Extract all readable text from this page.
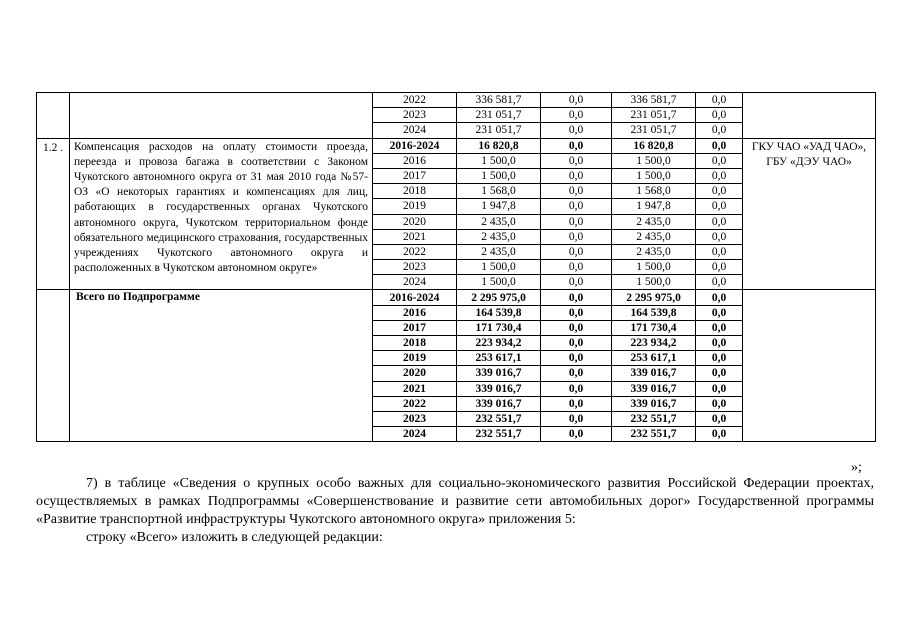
		2022	336 581,7	0,0	336 581,7	0,0	
		2023	231 051,7	0,0	231 051,7	0,0	
		2024	231 051,7	0,0	231 051,7	0,0	
1.2 .	Компенсация расходов на оплату стоимости проезда, переезда и провоза багажа в соответствии с Законом Чукотского автономного округа от 31 мая 2010 года №57-ОЗ «О некоторых гарантиях и компенсациях для лиц, работающих в государственных органах Чукотского автономного округа, Чукотском территориальном фонде обязательного медицинского страхования, государственных учреждениях Чукотского автономного округа и расположенных в Чукотском автономном округе»	2016-2024	16 820,8	0,0	16 820,8	0,0	ГКУ ЧАО «УАД ЧАО», ГБУ «ДЭУ ЧАО»
		2016	1 500,0	0,0	1 500,0	0,0	
		2017	1 500,0	0,0	1 500,0	0,0	
		2018	1 568,0	0,0	1 568,0	0,0	
		2019	1 947,8	0,0	1 947,8	0,0	
		2020	2 435,0	0,0	2 435,0	0,0	
		2021	2 435,0	0,0	2 435,0	0,0	
		2022	2 435,0	0,0	2 435,0	0,0	
		2023	1 500,0	0,0	1 500,0	0,0	
		2024	1 500,0	0,0	1 500,0	0,0	
	Всего по Подпрограмме	2016-2024	2 295 975,0	0,0	2 295 975,0	0,0	
		2016	164 539,8	0,0	164 539,8	0,0	
		2017	171 730,4	0,0	171 730,4	0,0	
		2018	223 934,2	0,0	223 934,2	0,0	
		2019	253 617,1	0,0	253 617,1	0,0	
		2020	339 016,7	0,0	339 016,7	0,0	
		2021	339 016,7	0,0	339 016,7	0,0	
		2022	339 016,7	0,0	339 016,7	0,0	
		2023	232 551,7	0,0	232 551,7	0,0	
		2024	232 551,7	0,0	232 551,7	0,0	
»;
7) в таблице «Сведения о крупных особо важных для социально-экономического развития Российской Федерации проектах, осуществляемых в рамках Подпрограммы «Совершенствование и развитие сети автомобильных дорог» Государственной программы «Развитие транспортной инфраструктуры Чукотского автономного округа» приложения 5:
строку «Всего» изложить в следующей редакции:
